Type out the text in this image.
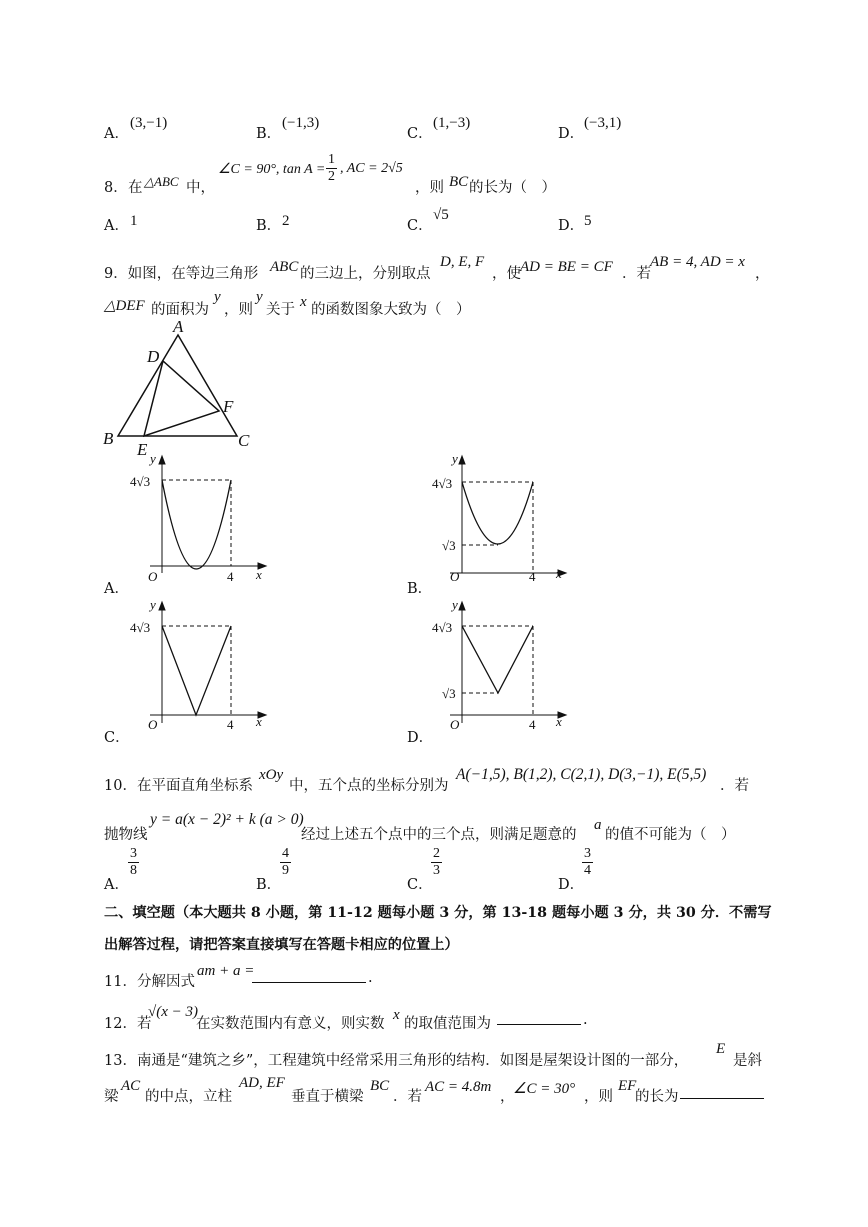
A．
(3,−1)
B．
(−1,3)
C．
(1,−3)
D．
(−3,1)
8． 在 △ABC 中，
∠C = 90°, $\tan A = \frac{1}{2}$ , AC = 2√5
，则 BC 的长为（　）
A． 1	B． 2	C．
√5
D． 5
9．如图，在等边三角形 ABC 的三边上，分别取点
D, E, F
，使 AD = BE = CF ．若
AB = 4, AD = x
，
△DEF 的面积为
y
，则
y
关于 x 的函数图象大致为（　）
A
D
F
B	C
E
A．
y
x
O	4
4√3
B．
y
x
O	4
4√3
√3
C．
y
x
O	4
4√3
D．
y
x
O	4
4√3
√3
10．在平面直角坐标系
xOy
中，五个点的坐标分别为
A(−1,5), B(1,2), C(2,1), D(3,−1), E(5,5)
．若
抛物线
y = a(x − 2)² + k (a > 0)
经过上述五个点中的三个点，则满足题意的
a
的值不可能为（　）
A．
$\frac{3}{8}$
B．
$\frac{4}{9}$
C．
$\frac{2}{3}$
D．
$\frac{3}{4}$
二、填空题（本大题共 8 小题，第 11-12 题每小题 3 分，第 13-18 题每小题 3 分，共 30 分．不需写
出解答过程，请把答案直接填写在答题卡相应的位置上）
11．分解因式
am + a =	.
12．若
√(x − 3)
在实数范围内有意义，则实数
x
的取值范围为	.
13．南通是“建筑之乡”，工程建筑中经常采用三角形的结构．如图是屋架设计图的一部分，
E
是斜
梁
AC
的中点，立柱
AD, EF
垂直于横梁
BC
．若
AC = 4.8m
，
∠C = 30° ，则
EF
的长为
